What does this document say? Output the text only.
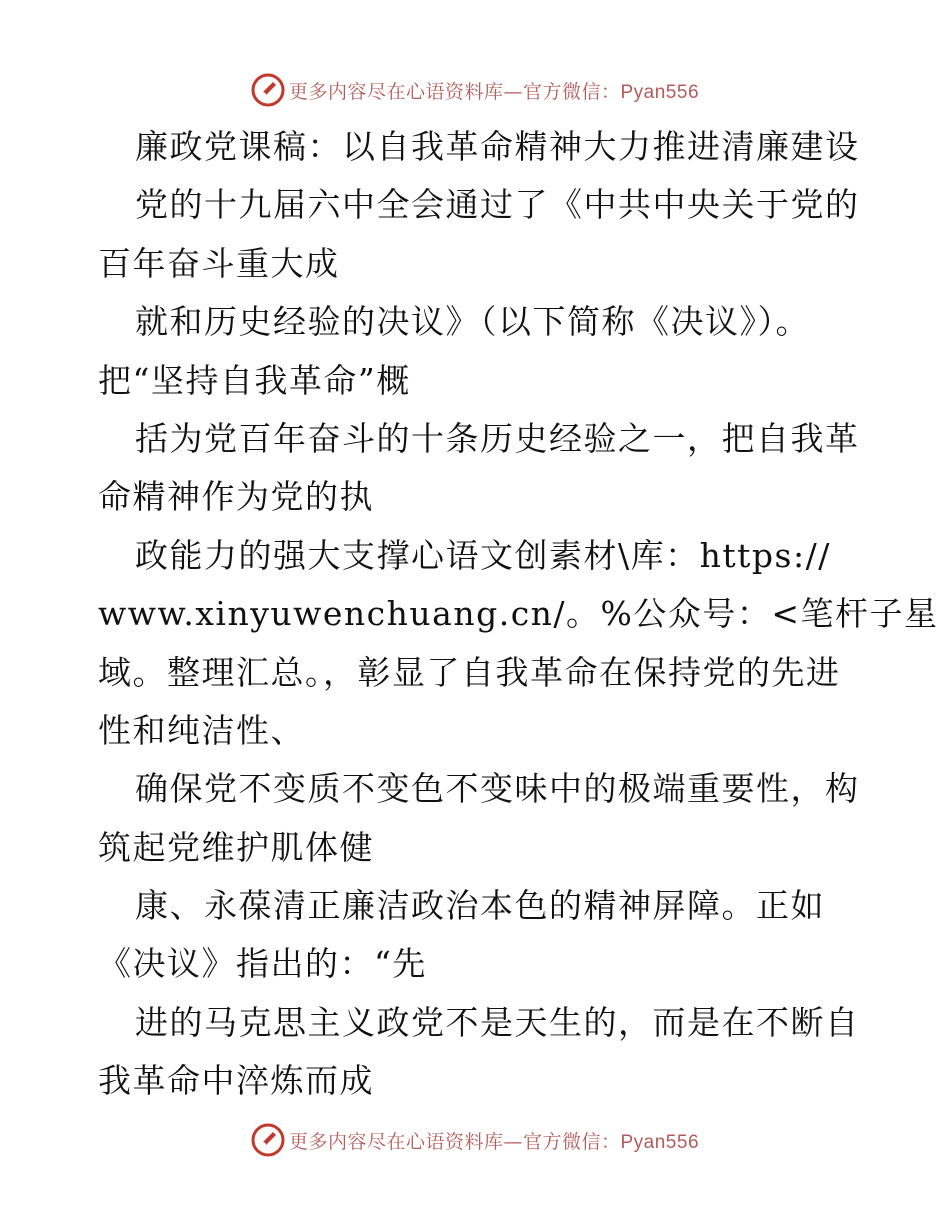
更多内容尽在心语资料库—官方微信：Pyan556
廉政党课稿：以自我革命精神大力推进清廉建设
党的十九届六中全会通过了《中共中央关于党的
百年奋斗重大成
就和历史经验的决议》（以下简称《决议》）。
把“坚持自我革命”概
括为党百年奋斗的十条历史经验之一，把自我革
命精神作为党的执
政能力的强大支撑心语文创素材\库：https://
www.xinyuwenchuang.cn/。%公众号：<笔杆子星
域。整理汇总。，彰显了自我革命在保持党的先进
性和纯洁性、
确保党不变质不变色不变味中的极端重要性，构
筑起党维护肌体健
康、永葆清正廉洁政治本色的精神屏障。正如
《决议》指出的：“先
进的马克思主义政党不是天生的，而是在不断自
我革命中淬炼而成
更多内容尽在心语资料库—官方微信：Pyan556
